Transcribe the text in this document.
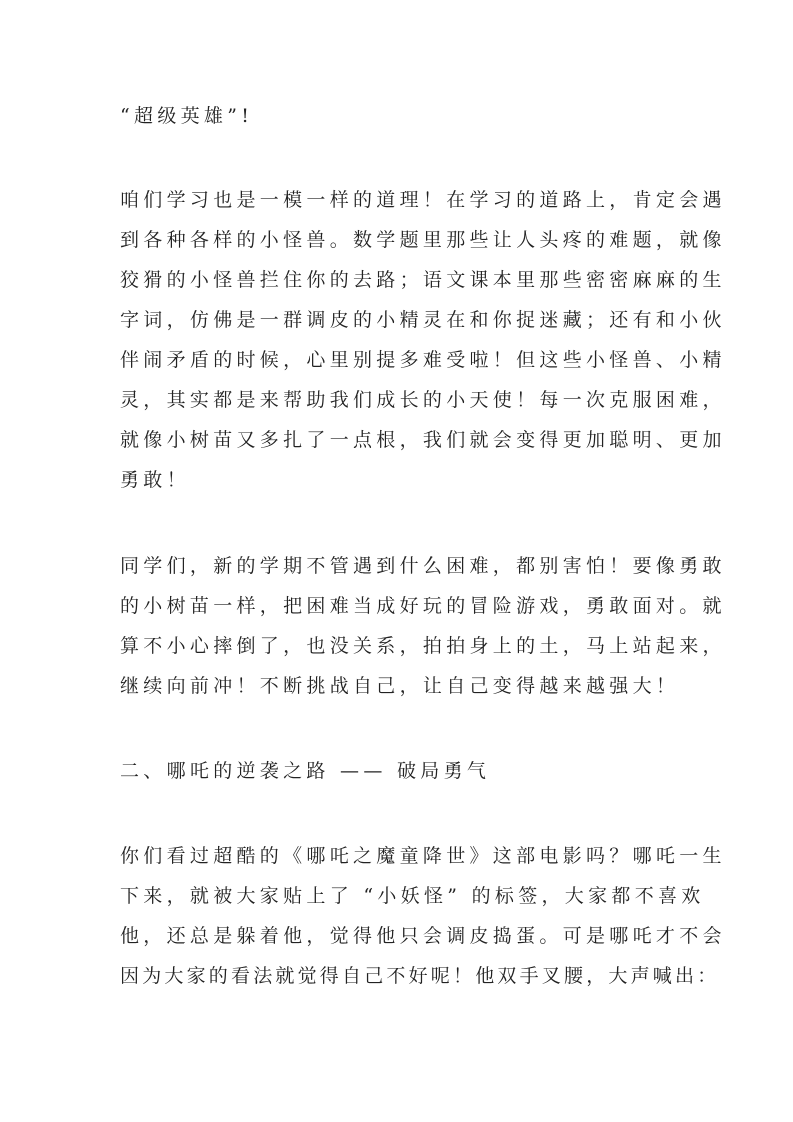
“超级英雄”!
咱们学习也是一模一样的道理！在学习的道路上，肯定会遇
到各种各样的小怪兽。数学题里那些让人头疼的难题，就像
狡猾的小怪兽拦住你的去路；语文课本里那些密密麻麻的生
字词，仿佛是一群调皮的小精灵在和你捉迷藏；还有和小伙
伴闹矛盾的时候，心里别提多难受啦！但这些小怪兽、小精
灵，其实都是来帮助我们成长的小天使！每一次克服困难，
就像小树苗又多扎了一点根，我们就会变得更加聪明、更加
勇敢！
同学们，新的学期不管遇到什么困难，都别害怕！要像勇敢
的小树苗一样，把困难当成好玩的冒险游戏，勇敢面对。就
算不小心摔倒了，也没关系，拍拍身上的土，马上站起来，
继续向前冲！不断挑战自己，让自己变得越来越强大！
二、哪吒的逆袭之路 —— 破局勇气
你们看过超酷的《哪吒之魔童降世》这部电影吗？哪吒一生
下来，就被大家贴上了 “小妖怪” 的标签，大家都不喜欢
他，还总是躲着他，觉得他只会调皮捣蛋。可是哪吒才不会
因为大家的看法就觉得自己不好呢！他双手叉腰，大声喊出：
